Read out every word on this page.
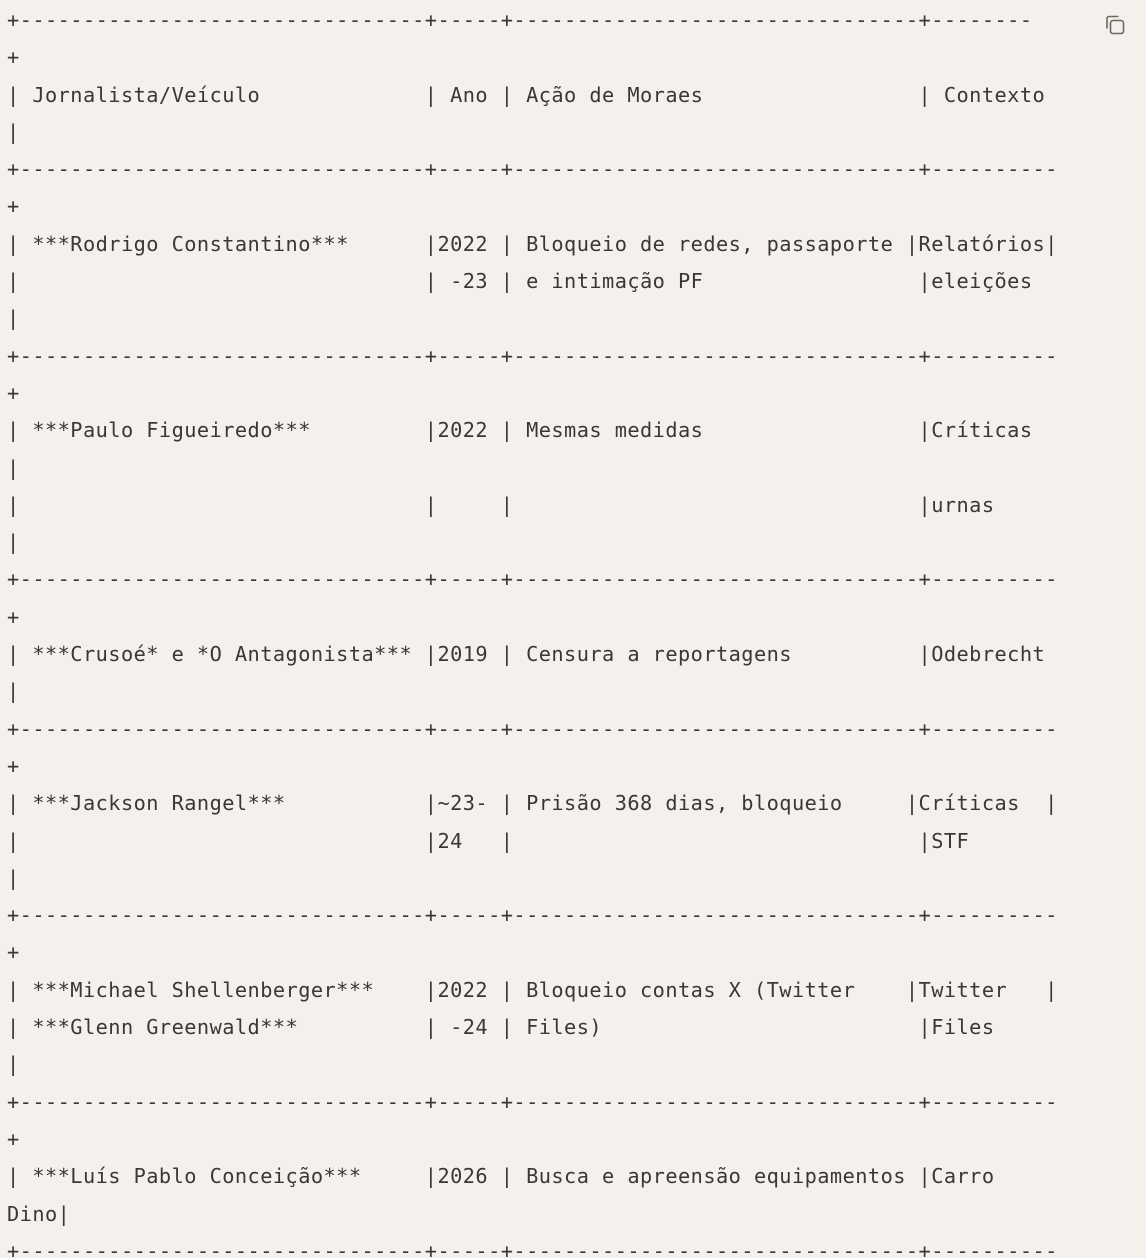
+--------------------------------+-----+--------------------------------+--------
+
| Jornalista/Veículo             | Ano | Ação de Moraes                 | Contexto
|
+--------------------------------+-----+--------------------------------+----------
+
| ***Rodrigo Constantino***      |2022 | Bloqueio de redes, passaporte |Relatórios|
|                                | -23 | e intimação PF                 |eleições
|
+--------------------------------+-----+--------------------------------+----------
+
| ***Paulo Figueiredo***         |2022 | Mesmas medidas                 |Críticas
|
|                                |     |                                |urnas
|
+--------------------------------+-----+--------------------------------+----------
+
| ***Crusoé* e *O Antagonista*** |2019 | Censura a reportagens          |Odebrecht
|
+--------------------------------+-----+--------------------------------+----------
+
| ***Jackson Rangel***           |~23- | Prisão 368 dias, bloqueio     |Críticas  |
|                                |24   |                                |STF
|
+--------------------------------+-----+--------------------------------+----------
+
| ***Michael Shellenberger***    |2022 | Bloqueio contas X (Twitter    |Twitter   |
| ***Glenn Greenwald***          | -24 | Files)                         |Files
|
+--------------------------------+-----+--------------------------------+----------
+
| ***Luís Pablo Conceição***     |2026 | Busca e apreensão equipamentos |Carro
Dino|
+--------------------------------+-----+--------------------------------+----------
